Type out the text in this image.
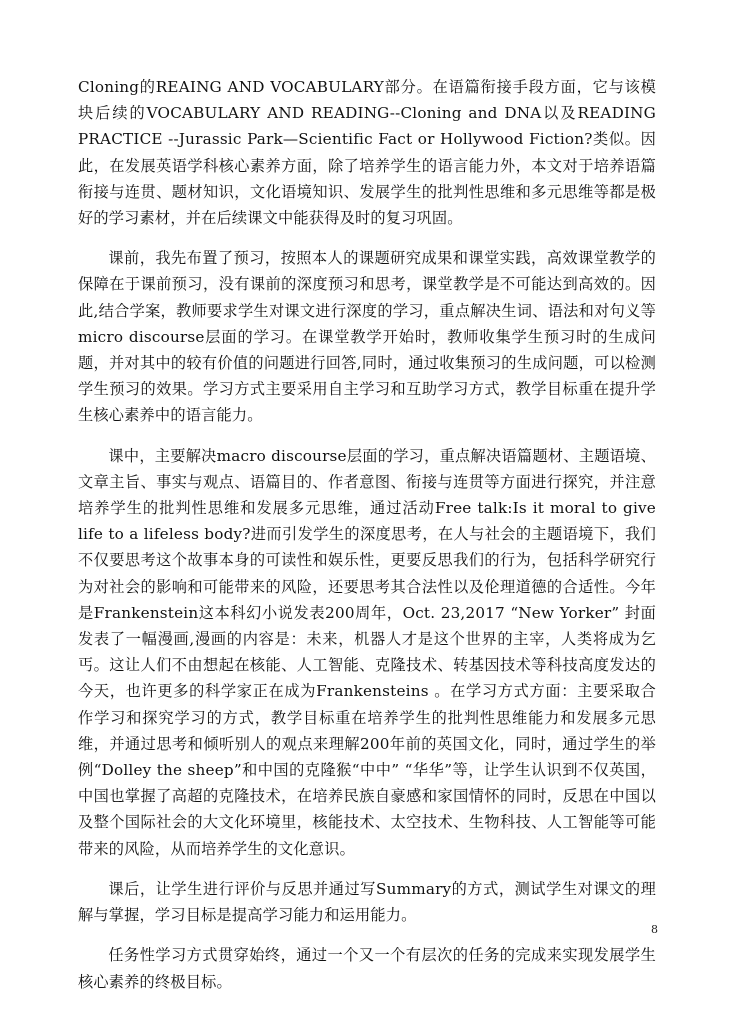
Cloning的REAING AND VOCABULARY部分。在语篇衔接手段方面，它与该模块后续的VOCABULARY AND READING--Cloning and DNA以及READING PRACTICE --Jurassic Park—Scientific Fact or Hollywood Fiction?类似。因此，在发展英语学科核心素养方面，除了培养学生的语言能力外，本文对于培养语篇衔接与连贯、题材知识，文化语境知识、发展学生的批判性思维和多元思维等都是极好的学习素材，并在后续课文中能获得及时的复习巩固。

课前，我先布置了预习，按照本人的课题研究成果和课堂实践，高效课堂教学的保障在于课前预习，没有课前的深度预习和思考，课堂教学是不可能达到高效的。因此,结合学案，教师要求学生对课文进行深度的学习，重点解决生词、语法和对句义等micro discourse层面的学习。在课堂教学开始时，教师收集学生预习时的生成问题，并对其中的较有价值的问题进行回答,同时，通过收集预习的生成问题，可以检测学生预习的效果。学习方式主要采用自主学习和互助学习方式，教学目标重在提升学生核心素养中的语言能力。

课中，主要解决macro discourse层面的学习，重点解决语篇题材、主题语境、文章主旨、事实与观点、语篇目的、作者意图、衔接与连贯等方面进行探究，并注意培养学生的批判性思维和发展多元思维，通过活动Free talk:Is it moral to give life to a lifeless body?进而引发学生的深度思考，在人与社会的主题语境下，我们不仅要思考这个故事本身的可读性和娱乐性，更要反思我们的行为，包括科学研究行为对社会的影响和可能带来的风险，还要思考其合法性以及伦理道德的合适性。今年是Frankenstein这本科幻小说发表200周年，Oct. 23,2017 “New Yorker” 封面发表了一幅漫画,漫画的内容是：未来，机器人才是这个世界的主宰，人类将成为乞丐。这让人们不由想起在核能、人工智能、克隆技术、转基因技术等科技高度发达的今天，也许更多的科学家正在成为Frankensteins 。在学习方式方面：主要采取合作学习和探究学习的方式，教学目标重在培养学生的批判性思维能力和发展多元思维，并通过思考和倾听别人的观点来理解200年前的英国文化，同时，通过学生的举例“Dolley the sheep”和中国的克隆猴“中中” “华华”等，让学生认识到不仅英国，中国也掌握了高超的克隆技术，在培养民族自豪感和家国情怀的同时，反思在中国以及整个国际社会的大文化环境里，核能技术、太空技术、生物科技、人工智能等可能带来的风险，从而培养学生的文化意识。

课后，让学生进行评价与反思并通过写Summary的方式，测试学生对课文的理解与掌握，学习目标是提高学习能力和运用能力。

任务性学习方式贯穿始终，通过一个又一个有层次的任务的完成来实现发展学生核心素养的终极目标。

8
